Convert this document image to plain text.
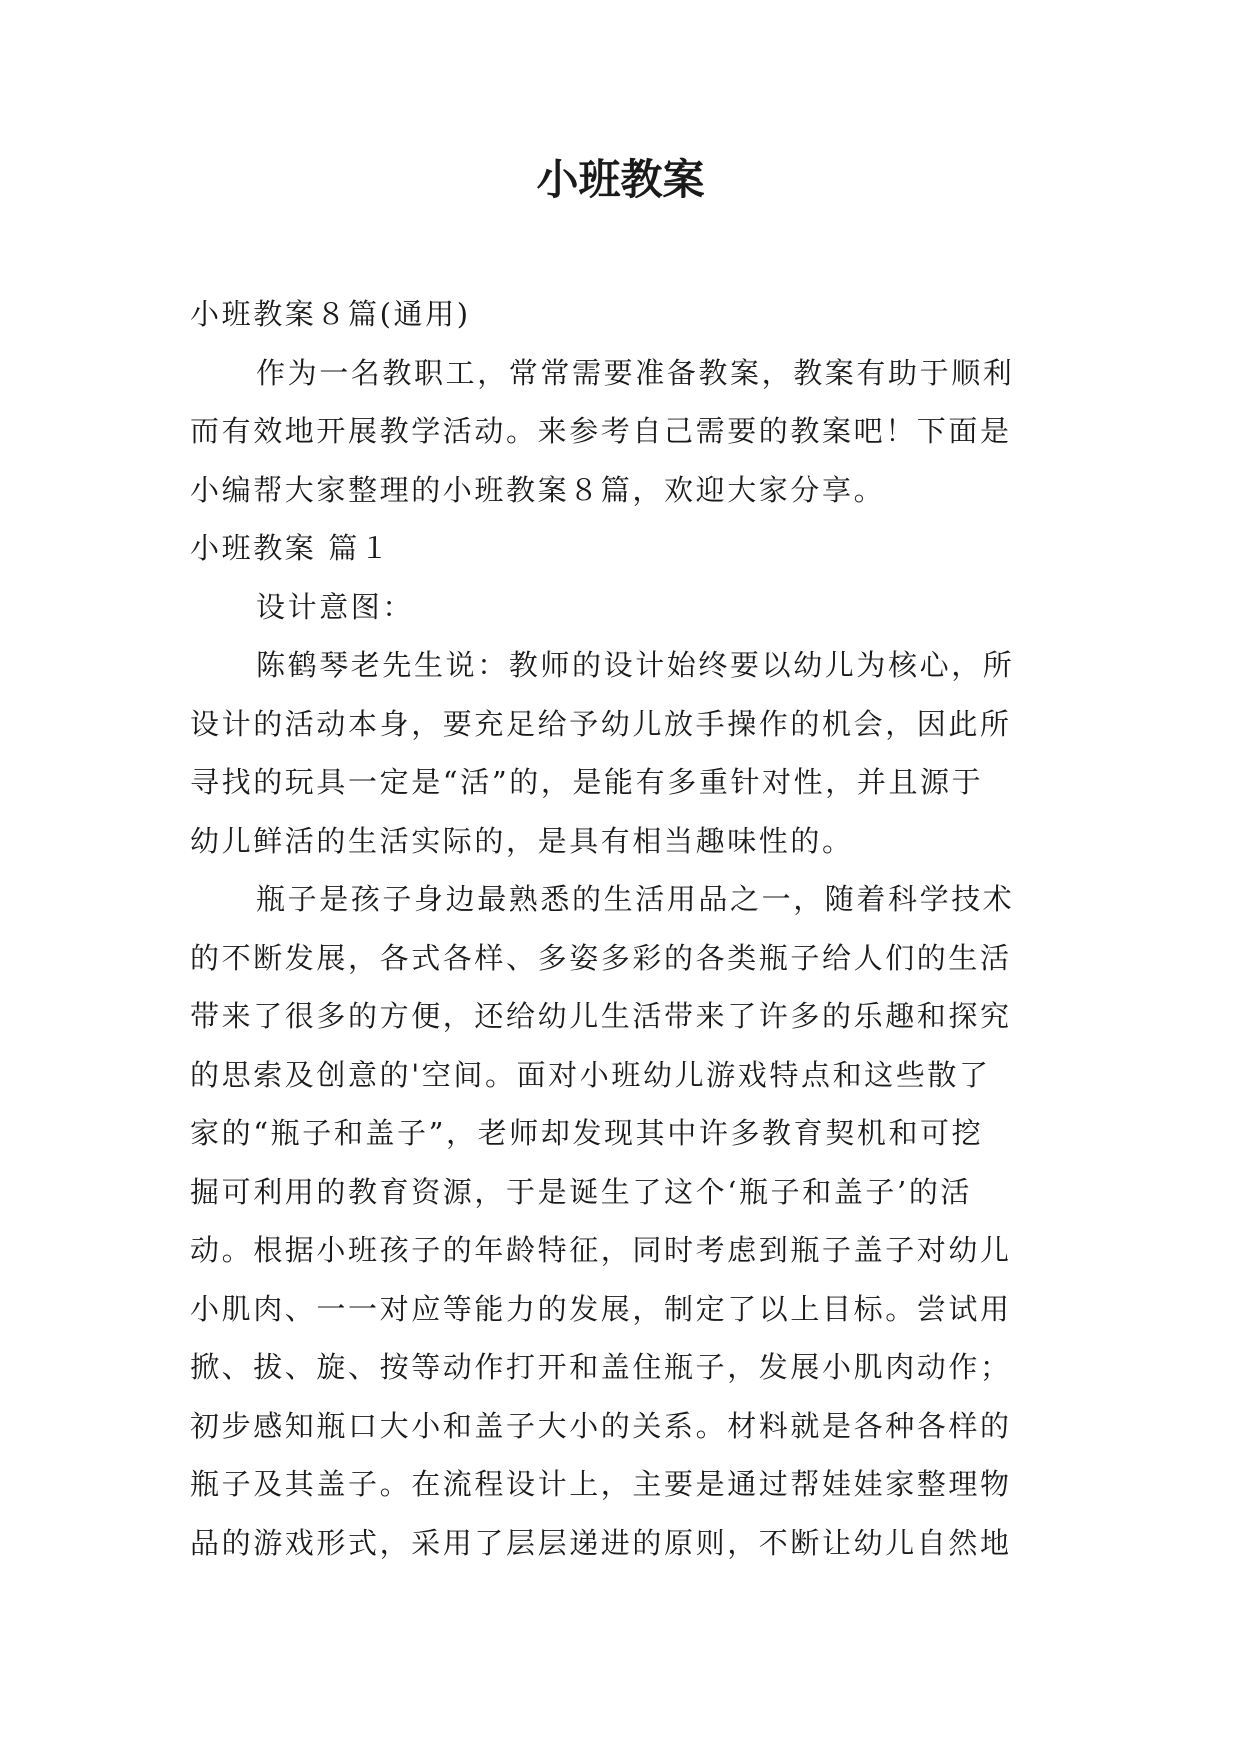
小班教案
小班教案８篇(通用)
作为一名教职工，常常需要准备教案，教案有助于顺利
而有效地开展教学活动。来参考自己需要的教案吧！下面是
小编帮大家整理的小班教案８篇，欢迎大家分享。
小班教案 篇１
设计意图：
陈鹤琴老先生说：教师的设计始终要以幼儿为核心，所
设计的活动本身，要充足给予幼儿放手操作的机会，因此所
寻找的玩具一定是“活”的，是能有多重针对性，并且源于
幼儿鲜活的生活实际的，是具有相当趣味性的。
瓶子是孩子身边最熟悉的生活用品之一，随着科学技术
的不断发展，各式各样、多姿多彩的各类瓶子给人们的生活
带来了很多的方便，还给幼儿生活带来了许多的乐趣和探究
的思索及创意的'空间。面对小班幼儿游戏特点和这些散了
家的“瓶子和盖子”，老师却发现其中许多教育契机和可挖
掘可利用的教育资源，于是诞生了这个‘瓶子和盖子’的活
动。根据小班孩子的年龄特征，同时考虑到瓶子盖子对幼儿
小肌肉、一一对应等能力的发展，制定了以上目标。尝试用
掀、拔、旋、按等动作打开和盖住瓶子，发展小肌肉动作；
初步感知瓶口大小和盖子大小的关系。材料就是各种各样的
瓶子及其盖子。在流程设计上，主要是通过帮娃娃家整理物
品的游戏形式，采用了层层递进的原则，不断让幼儿自然地
